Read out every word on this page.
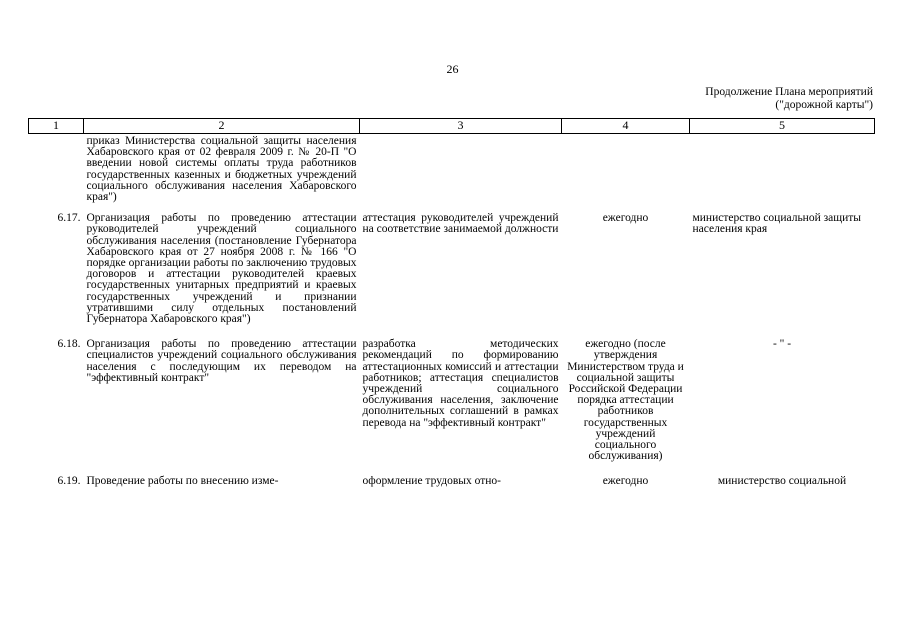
26
Продолжение Плана мероприятий
("дорожной карты")
1	2	3	4	5
	приказ Министерства социальной защиты населения Хабаровского края от 02 февраля 2009 г. № 20-П "О введении новой системы оплаты труда работников государственных казенных и бюджетных учреждений социального обслуживания населения Хабаровского края")			
6.17.	Организация работы по проведению аттестации руководителей учреждений социального обслуживания населения (постановление Губернатора Хабаровского края от 27 ноября 2008 г. № 166 "О порядке организации работы по заключению трудовых договоров и аттестации руководителей краевых государственных унитарных предприятий и краевых государственных учреждений и признании утратившими силу отдельных постановлений Губернатора Хабаровского края")	аттестация руководителей учреждений на соответствие занимаемой должности	ежегодно	министерство социальной защиты населения края
6.18.	Организация работы по проведению аттестации специалистов учреждений социального обслуживания населения с последующим их переводом на "эффективный контракт"	разработка методических рекомендаций по формированию аттестационных комиссий и аттестации работников; аттестация специалистов учреждений социального обслуживания населения, заключение дополнительных соглашений в рамках перевода на "эффективный контракт"	ежегодно (после утверждения Министерством труда и социальной защиты Российской Федерации порядка аттестации работников государственных учреждений социального обслуживания)	- " -
6.19.	Проведение работы по внесению изме-	оформление трудовых отно-	ежегодно	министерство социальной
